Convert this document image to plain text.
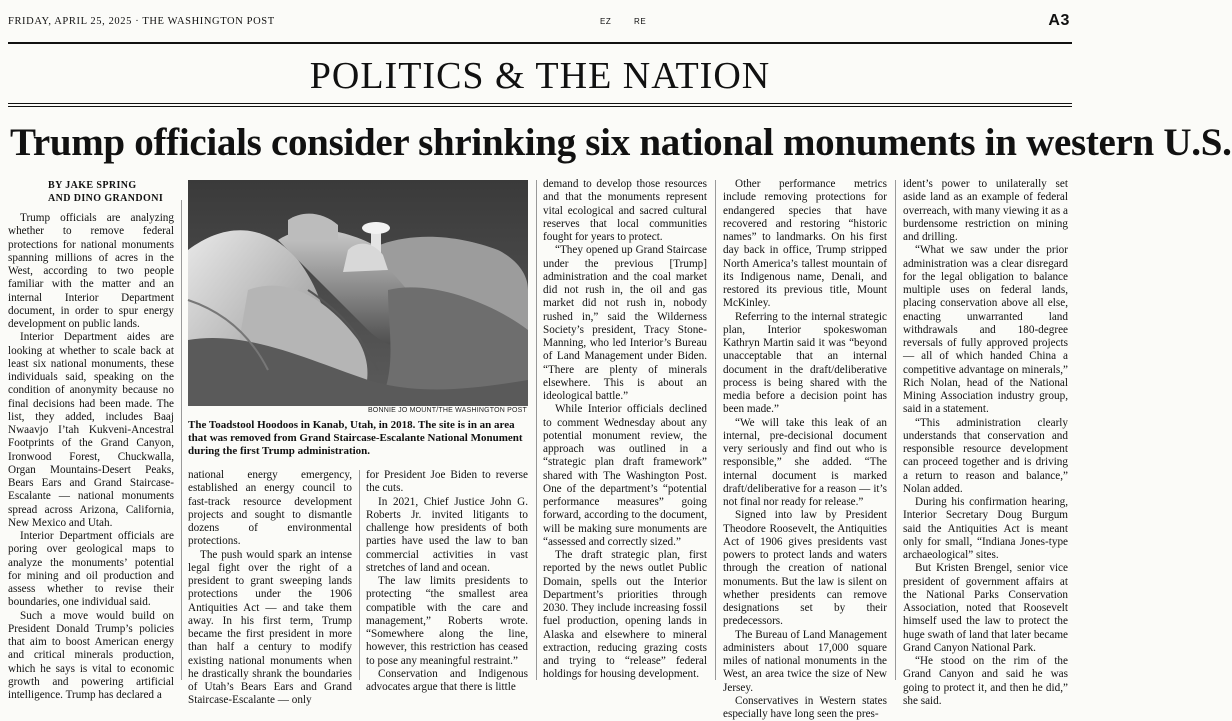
FRIDAY, APRIL 25, 2025 · THE WASHINGTON POST	EZ	RE	A3
POLITICS & THE NATION
Trump officials consider shrinking six national monuments in western U.S.
BY JAKE SPRING
AND DINO GRANDONI

Trump officials are analyzing whether to remove federal protections for national monuments spanning millions of acres in the West, according to two people familiar with the matter and an internal Interior Department document, in order to spur energy development on public lands.

Interior Department aides are looking at whether to scale back at least six national monuments, these individuals said, speaking on the condition of anonymity because no final decisions had been made. The list, they added, includes Baaj Nwaavjo I’tah Kukveni-Ancestral Footprints of the Grand Canyon, Ironwood Forest, Chuckwalla, Organ Mountains-Desert Peaks, Bears Ears and Grand Staircase-Escalante — national monuments spread across Arizona, California, New Mexico and Utah.

Interior Department officials are poring over geological maps to analyze the monuments’ potential for mining and oil production and assess whether to revise their boundaries, one individual said.

Such a move would build on President Donald Trump’s policies that aim to boost American energy and critical minerals production, which he says is vital to economic growth and powering artificial intelligence. Trump has declared a

BONNIE JO MOUNT/THE WASHINGTON POST
The Toadstool Hoodoos in Kanab, Utah, in 2018. The site is in an area that was removed from Grand Staircase-Escalante National Monument during the first Trump administration.

national energy emergency, established an energy council to fast-track resource development projects and sought to dismantle dozens of environmental protections.

The push would spark an intense legal fight over the right of a president to grant sweeping lands protections under the 1906 Antiquities Act — and take them away. In his first term, Trump became the first president in more than half a century to modify existing national monuments when he drastically shrank the boundaries of Utah’s Bears Ears and Grand Staircase-Escalante — only

for President Joe Biden to reverse the cuts.

In 2021, Chief Justice John G. Roberts Jr. invited litigants to challenge how presidents of both parties have used the law to ban commercial activities in vast stretches of land and ocean.

The law limits presidents to protecting “the smallest area compatible with the care and management,” Roberts wrote. “Somewhere along the line, however, this restriction has ceased to pose any meaningful restraint.”

Conservation and Indigenous advocates argue that there is little

demand to develop those resources and that the monuments represent vital ecological and sacred cultural reserves that local communities fought for years to protect.

“They opened up Grand Staircase under the previous [Trump] administration and the coal market did not rush in, the oil and gas market did not rush in, nobody rushed in,” said the Wilderness Society’s president, Tracy Stone-Manning, who led Interior’s Bureau of Land Management under Biden. “There are plenty of minerals elsewhere. This is about an ideological battle.”

While Interior officials declined to comment Wednesday about any potential monument review, the approach was outlined in a “strategic plan draft framework” shared with The Washington Post. One of the department’s “potential performance measures” going forward, according to the document, will be making sure monuments are “assessed and correctly sized.”

The draft strategic plan, first reported by the news outlet Public Domain, spells out the Interior Department’s priorities through 2030. They include increasing fossil fuel production, opening lands in Alaska and elsewhere to mineral extraction, reducing grazing costs and trying to “release” federal holdings for housing development.

Other performance metrics include removing protections for endangered species that have recovered and restoring “historic names” to landmarks. On his first day back in office, Trump stripped North America’s tallest mountain of its Indigenous name, Denali, and restored its previous title, Mount McKinley.

Referring to the internal strategic plan, Interior spokeswoman Kathryn Martin said it was “beyond unacceptable that an internal document in the draft/deliberative process is being shared with the media before a decision point has been made.”

“We will take this leak of an internal, pre-decisional document very seriously and find out who is responsible,” she added. “The internal document is marked draft/deliberative for a reason — it’s not final nor ready for release.”

Signed into law by President Theodore Roosevelt, the Antiquities Act of 1906 gives presidents vast powers to protect lands and waters through the creation of national monuments. But the law is silent on whether presidents can remove designations set by their predecessors.

The Bureau of Land Management administers about 17,000 square miles of national monuments in the West, an area twice the size of New Jersey.

Conservatives in Western states especially have long seen the pres-

ident’s power to unilaterally set aside land as an example of federal overreach, with many viewing it as a burdensome restriction on mining and drilling.

“What we saw under the prior administration was a clear disregard for the legal obligation to balance multiple uses on federal lands, placing conservation above all else, enacting unwarranted land withdrawals and 180-degree reversals of fully approved projects — all of which handed China a competitive advantage on minerals,” Rich Nolan, head of the National Mining Association industry group, said in a statement.

“This administration clearly understands that conservation and responsible resource development can proceed together and is driving a return to reason and balance,” Nolan added.

During his confirmation hearing, Interior Secretary Doug Burgum said the Antiquities Act is meant only for small, “Indiana Jones-type archaeological” sites.

But Kristen Brengel, senior vice president of government affairs at the National Parks Conservation Association, noted that Roosevelt himself used the law to protect the huge swath of land that later became Grand Canyon National Park.

“He stood on the rim of the Grand Canyon and said he was going to protect it, and then he did,” she said.
